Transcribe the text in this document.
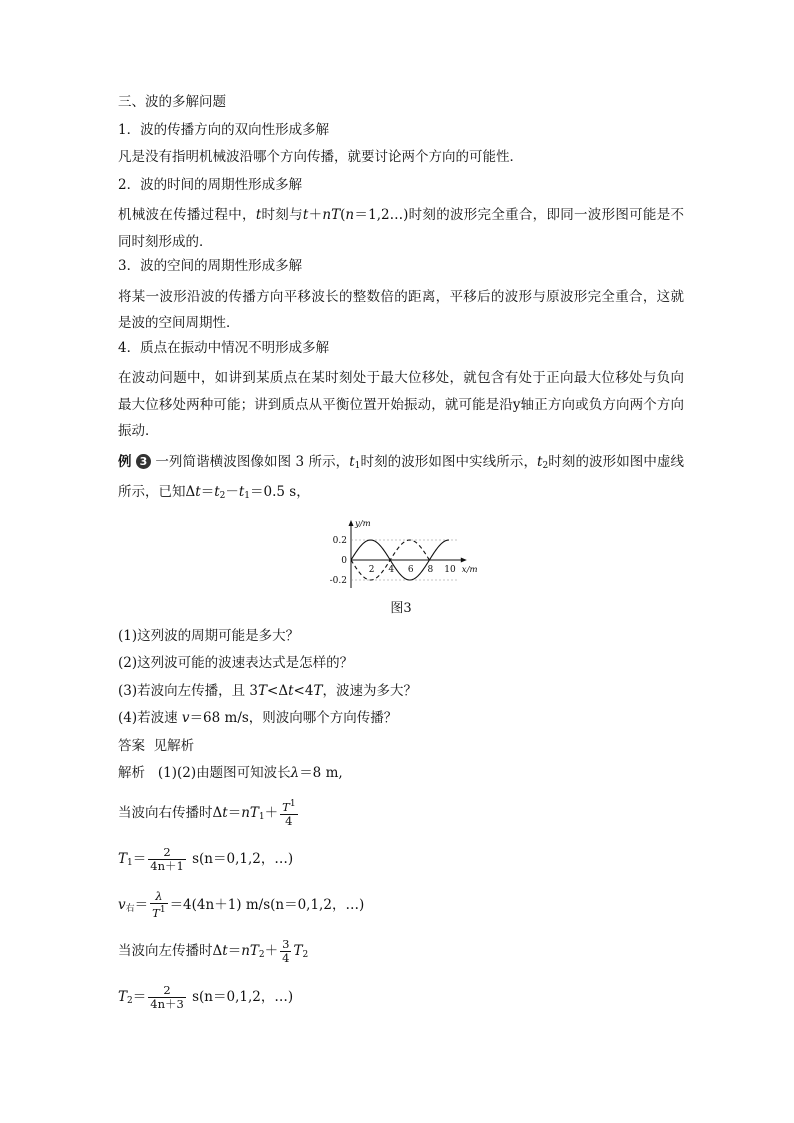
三、波的多解问题
1．波的传播方向的双向性形成多解
凡是没有指明机械波沿哪个方向传播，就要讨论两个方向的可能性．
2．波的时间的周期性形成多解
机械波在传播过程中，t时刻与t＋nT(n＝1,2…)时刻的波形完全重合，即同一波形图可能是不同时刻形成的．
3．波的空间的周期性形成多解
将某一波形沿波的传播方向平移波长的整数倍的距离，平移后的波形与原波形完全重合，这就是波的空间周期性．
4．质点在振动中情况不明形成多解
在波动问题中，如讲到某质点在某时刻处于最大位移处，就包含有处于正向最大位移处与负向最大位移处两种可能；讲到质点从平衡位置开始振动，就可能是沿y轴正方向或负方向两个方向振动．
例 3 一列简谐横波图像如图 3 所示，$t_1$时刻的波形如图中实线所示，$t_2$时刻的波形如图中虚线所示，已知$\Delta t=t_2-t_1=0.5$ s，
y/m
x/m
0.2
0
-0.2
2 4 6 8 10
图3
(1)这列波的周期可能是多大？
(2)这列波可能的波速表达式是怎样的？
(3)若波向左传播，且 3T<Δt<4T，波速为多大？
(4)若波速 v＝68 m/s，则波向哪个方向传播？
答案 见解析
解析 (1)(2)由题图可知波长λ＝8 m,
当波向右传播时$\Delta t=nT_1+ \frac{T^1}{4}$
$T_1= \frac{2}{4n+1} s(n=0,1,2$，…)
$v_右= \frac{\lambda}{T^1} =4(4n+1)$ m/s(n＝0,1,2，…)
当波向左传播时$\Delta t=nT_2+ \frac{3}{4} T_2$
$T_2= \frac{2}{4n+3} s(n=0,1,2$，…)
